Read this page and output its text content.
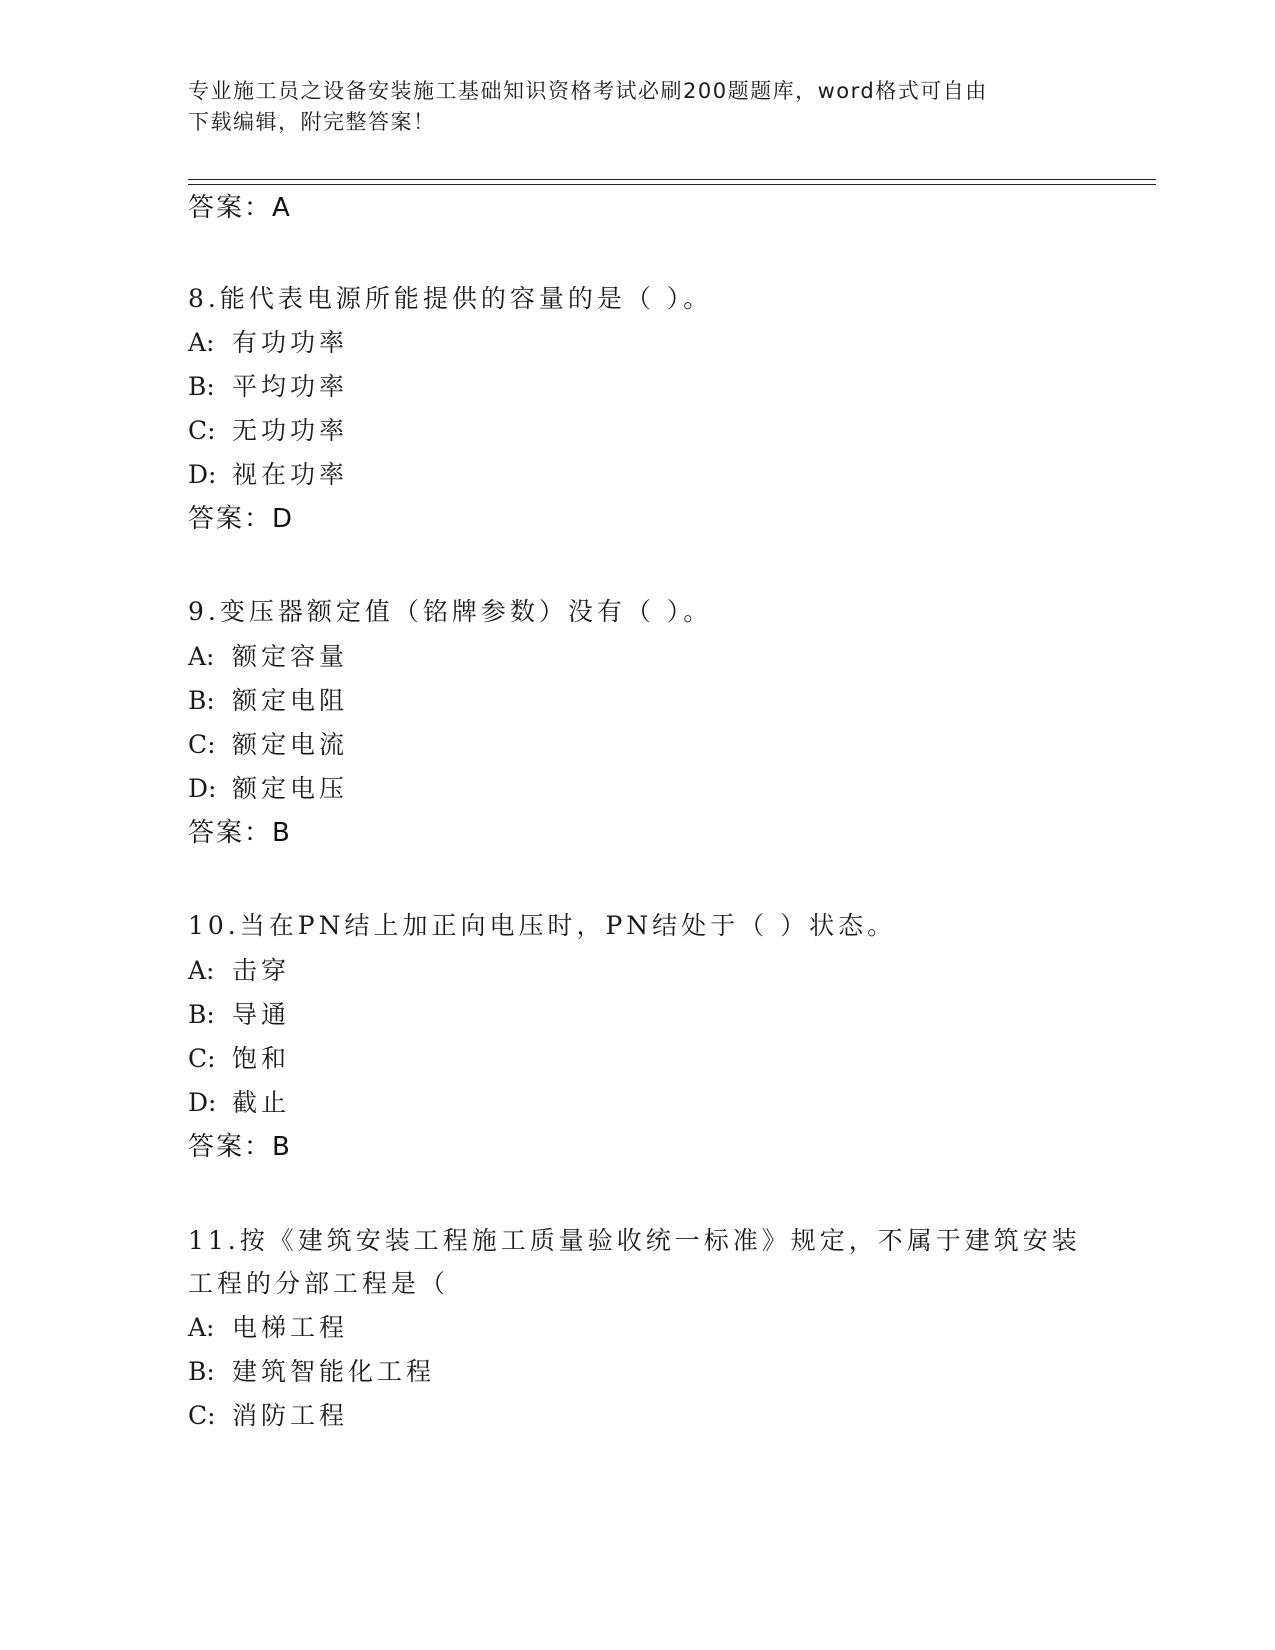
专业施工员之设备安装施工基础知识资格考试必刷200题题库，word格式可自由
下载编辑，附完整答案！
答案：A
8.能代表电源所能提供的容量的是（ ）。
A: 有功功率
B: 平均功率
C: 无功功率
D: 视在功率
答案：D
9.变压器额定值（铭牌参数）没有（ ）。
A: 额定容量
B: 额定电阻
C: 额定电流
D: 额定电压
答案：B
10.当在PN结上加正向电压时，PN结处于（ ）状态。
A: 击穿
B: 导通
C: 饱和
D: 截止
答案：B
11.按《建筑安装工程施工质量验收统一标准》规定，不属于建筑安装
工程的分部工程是（
A: 电梯工程
B: 建筑智能化工程
C: 消防工程
